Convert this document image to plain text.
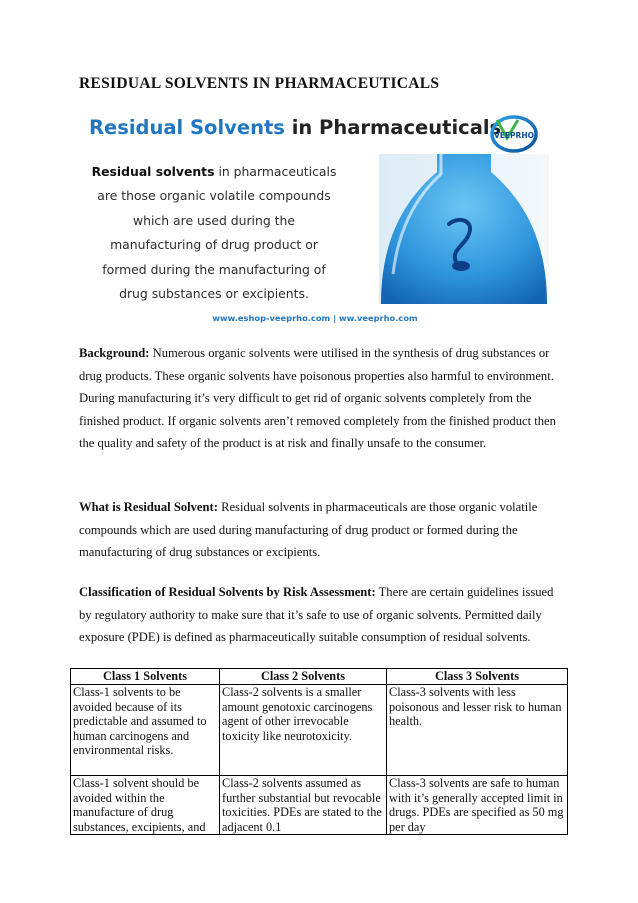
RESIDUAL SOLVENTS IN PHARMACEUTICALS
Residual Solvents in Pharmaceuticals
VEEPRHO
Residual solvents in pharmaceuticals are those organic volatile compounds which are used during the manufacturing of drug product or formed during the manufacturing of drug substances or excipients.
www.eshop-veeprho.com | ww.veeprho.com
Background: Numerous organic solvents were utilised in the synthesis of drug substances or drug products. These organic solvents have poisonous properties also harmful to environment. During manufacturing it’s very difficult to get rid of organic solvents completely from the finished product. If organic solvents aren’t removed completely from the finished product then the quality and safety of the product is at risk and finally unsafe to the consumer.
What is Residual Solvent: Residual solvents in pharmaceuticals are those organic volatile compounds which are used during manufacturing of drug product or formed during the manufacturing of drug substances or excipients.
Classification of Residual Solvents by Risk Assessment: There are certain guidelines issued by regulatory authority to make sure that it’s safe to use of organic solvents. Permitted daily exposure (PDE) is defined as pharmaceutically suitable consumption of residual solvents.
Class 1 Solvents	Class 2 Solvents	Class 3 Solvents
Class-1 solvents to be avoided because of its predictable and assumed to human carcinogens and environmental risks.	Class-2 solvents is a smaller amount genotoxic carcinogens agent of other irrevocable toxicity like neurotoxicity.	Class-3 solvents with less poisonous and lesser risk to human health.
Class-1 solvent should be avoided within the manufacture of drug substances, excipients, and	Class-2 solvents assumed as further substantial but revocable toxicities. PDEs are stated to the adjacent 0.1	Class-3 solvents are safe to human with it’s generally accepted limit in drugs. PDEs are specified as 50 mg per day
